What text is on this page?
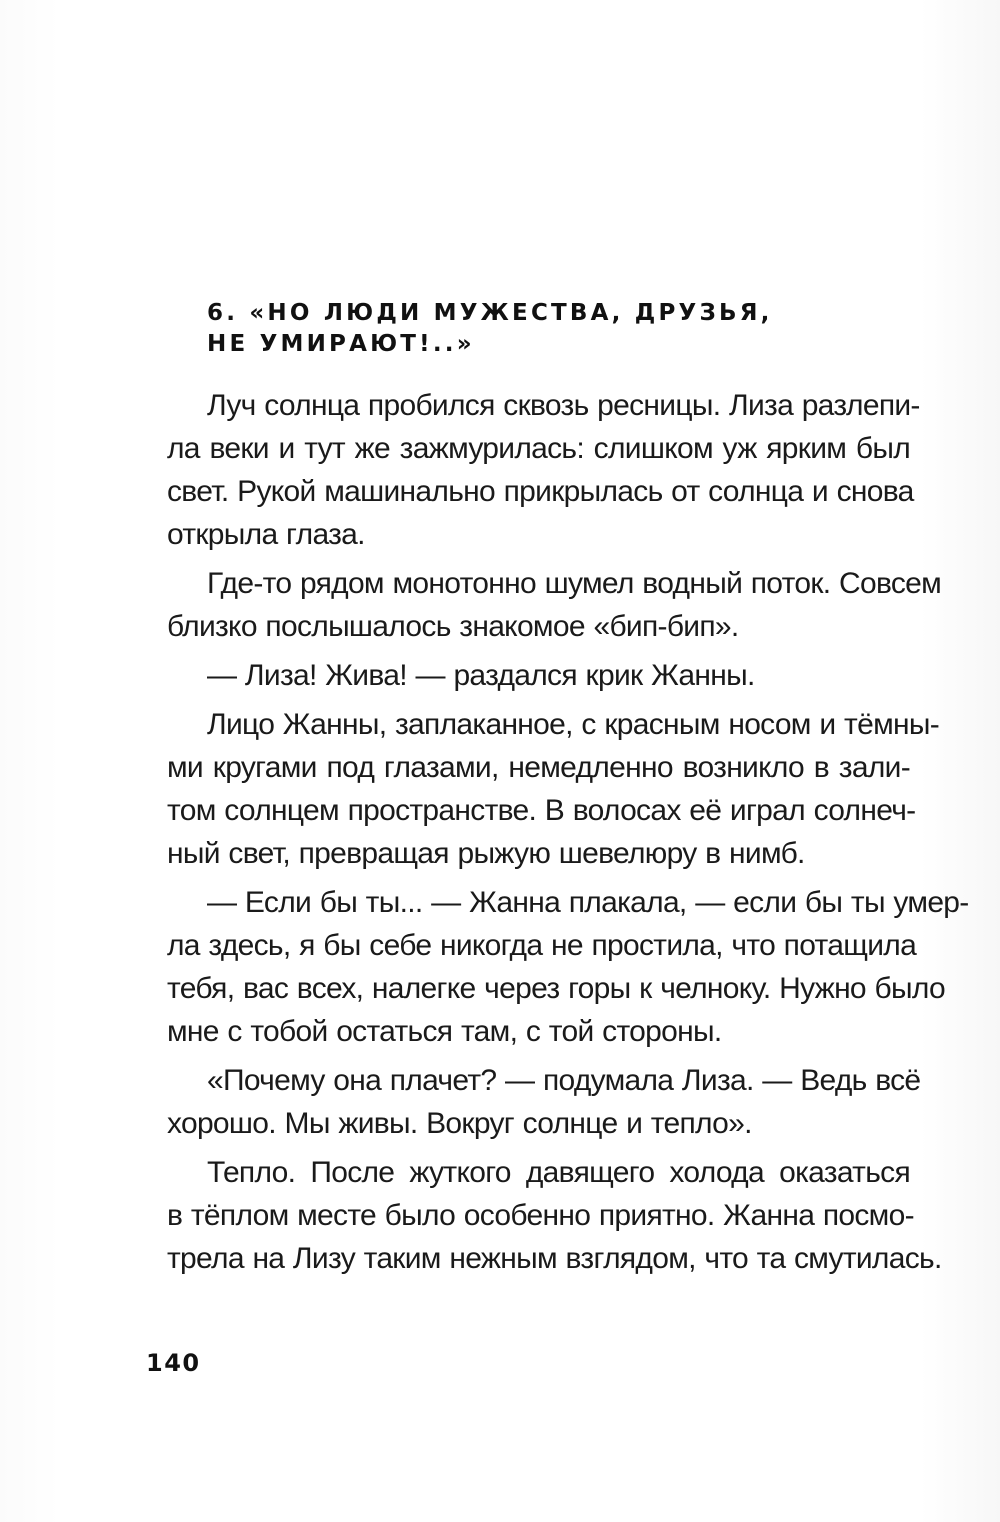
6. «НО ЛЮДИ МУЖЕСТВА, ДРУЗЬЯ,
НЕ УМИРАЮТ!..»

Луч солнца пробился сквозь ресницы. Лиза разлепи-
ла веки и тут же зажмурилась: слишком уж ярким был
свет. Рукой машинально прикрылась от солнца и снова
открыла глаза.

Где-то рядом монотонно шумел водный поток. Совсем
близко послышалось знакомое «бип-бип».

— Лиза! Жива! — раздался крик Жанны.

Лицо Жанны, заплаканное, с красным носом и тёмны-
ми кругами под глазами, немедленно возникло в зали-
том солнцем пространстве. В волосах её играл солнеч-
ный свет, превращая рыжую шевелюру в нимб.

— Если бы ты... — Жанна плакала, — если бы ты умер-
ла здесь, я бы себе никогда не простила, что потащила
тебя, вас всех, налегке через горы к челноку. Нужно было
мне с тобой остаться там, с той стороны.

«Почему она плачет? — подумала Лиза. — Ведь всё
хорошо. Мы живы. Вокруг солнце и тепло».

Тепло. После жуткого давящего холода оказаться
в тёплом месте было особенно приятно. Жанна посмо-
трела на Лизу таким нежным взглядом, что та смутилась.

140
